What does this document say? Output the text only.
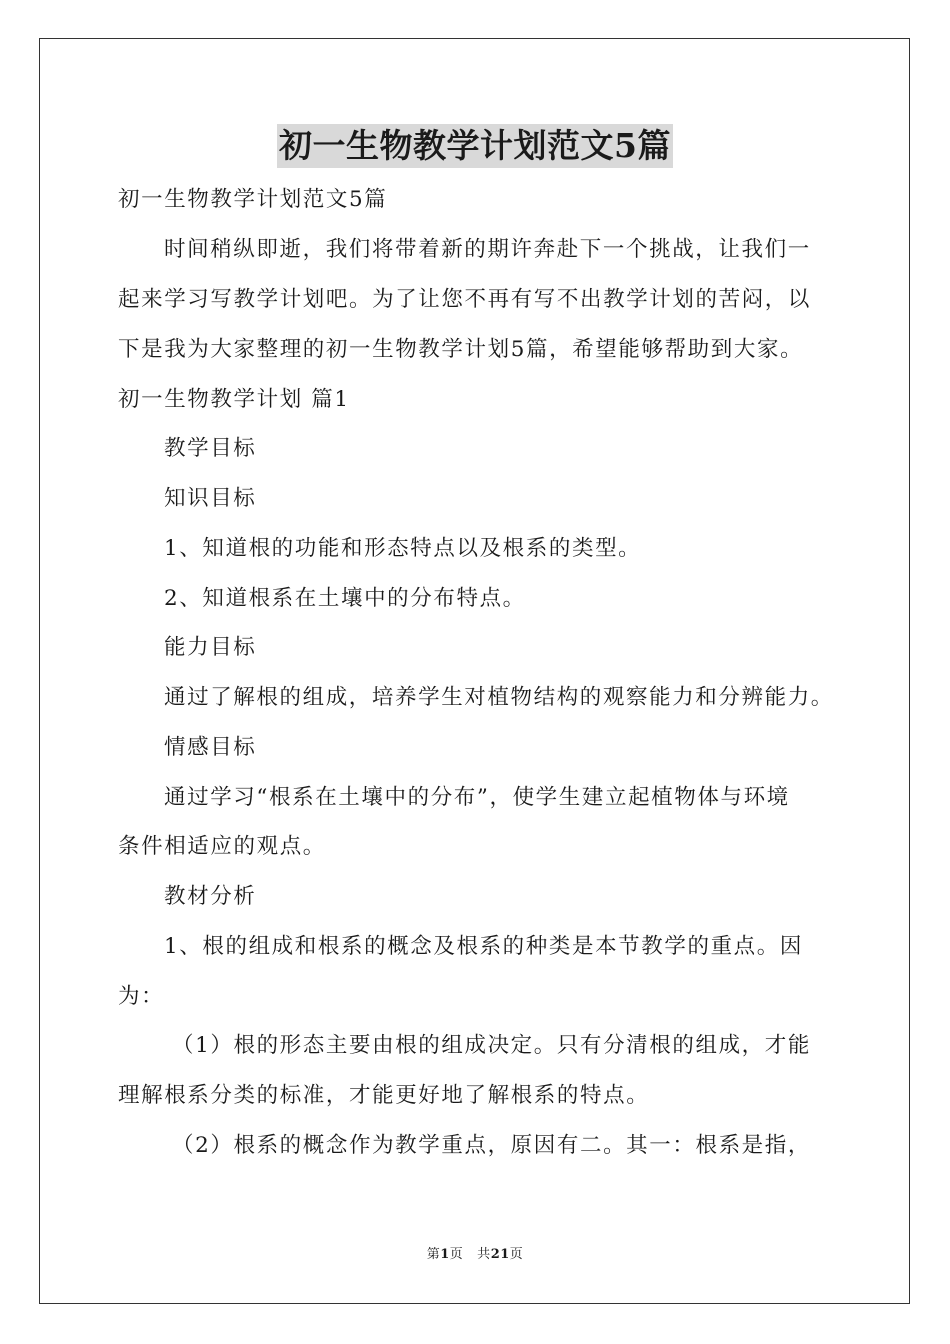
初一生物教学计划范文5篇
初一生物教学计划范文5篇
时间稍纵即逝，我们将带着新的期许奔赴下一个挑战，让我们一
起来学习写教学计划吧。为了让您不再有写不出教学计划的苦闷，以
下是我为大家整理的初一生物教学计划5篇，希望能够帮助到大家。
初一生物教学计划 篇1
教学目标
知识目标
1、知道根的功能和形态特点以及根系的类型。
2、知道根系在土壤中的分布特点。
能力目标
通过了解根的组成，培养学生对植物结构的观察能力和分辨能力。
情感目标
通过学习“根系在土壤中的分布”，使学生建立起植物体与环境
条件相适应的观点。
教材分析
1、根的组成和根系的概念及根系的种类是本节教学的重点。因
为：
（1）根的形态主要由根的组成决定。只有分清根的组成，才能
理解根系分类的标准，才能更好地了解根系的特点。
（2）根系的概念作为教学重点，原因有二。其一：根系是指，
第1页 共21页
